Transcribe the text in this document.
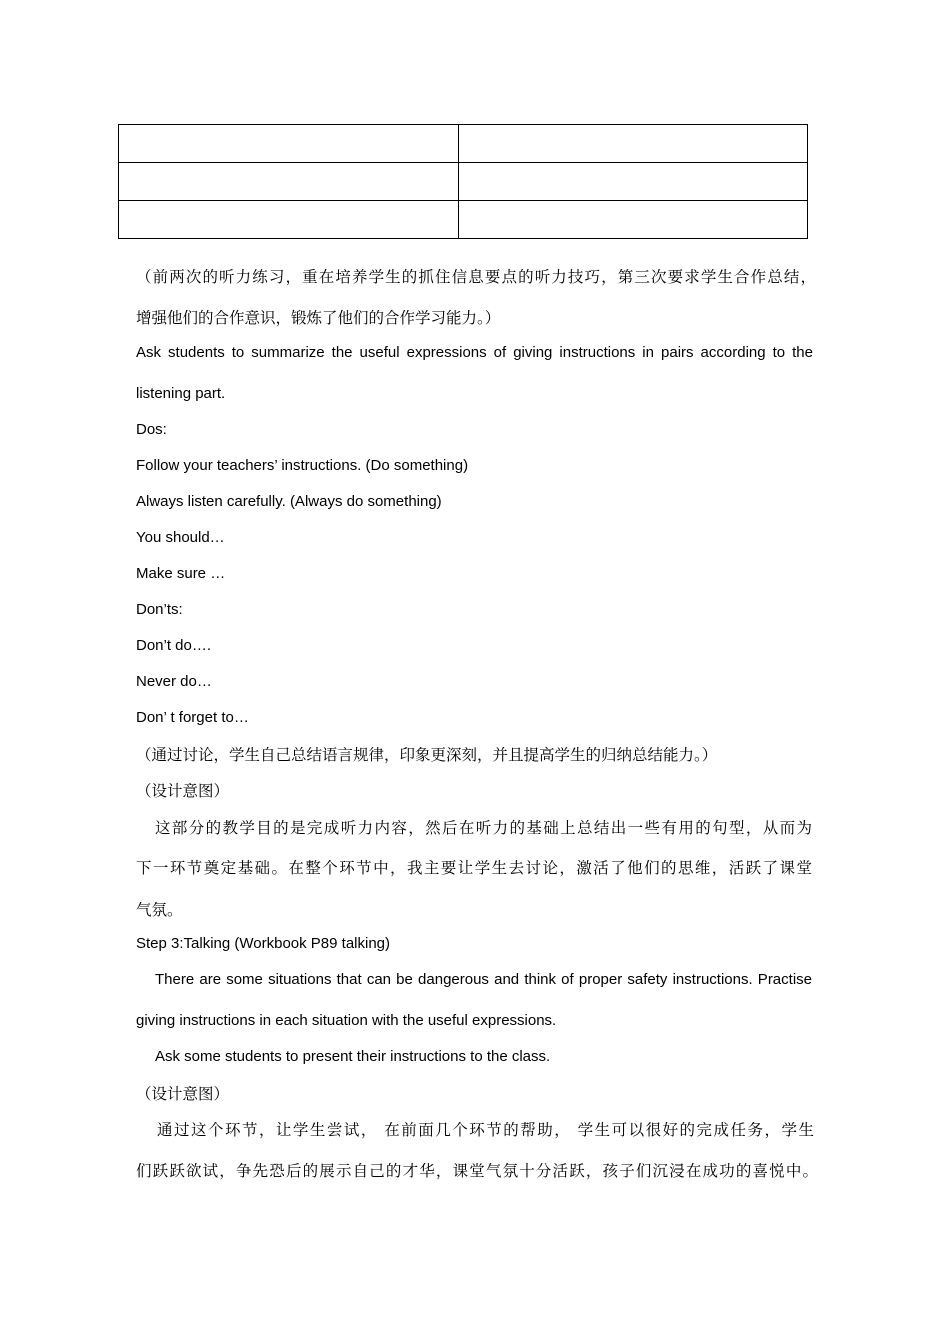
（前两次的听力练习，重在培养学生的抓住信息要点的听力技巧，第三次要求学生合作总结，
增强他们的合作意识，锻炼了他们的合作学习能力。）
Ask students to summarize the useful expressions of giving instructions in pairs according to the
listening part.
Dos:
Follow your teachers’ instructions. (Do something)
Always listen carefully. (Always do something)
You should…
Make sure …
Don’ts:
Don’t do….
Never do…
Don’ t forget to…
（通过讨论，学生自己总结语言规律，印象更深刻，并且提高学生的归纳总结能力。）
（设计意图）
这部分的教学目的是完成听力内容，然后在听力的基础上总结出一些有用的句型，从而为
下一环节奠定基础。在整个环节中，我主要让学生去讨论，激活了他们的思维，活跃了课堂
气氛。
Step 3:Talking (Workbook P89 talking)
There are some situations that can be dangerous and think of proper safety instructions. Practise
giving instructions in each situation with the useful expressions.
Ask some students to present their instructions to the class.
（设计意图）
通过这个环节，让学生尝试， 在前面几个环节的帮助， 学生可以很好的完成任务，学生
们跃跃欲试，争先恐后的展示自己的才华，课堂气氛十分活跃，孩子们沉浸在成功的喜悦中。
